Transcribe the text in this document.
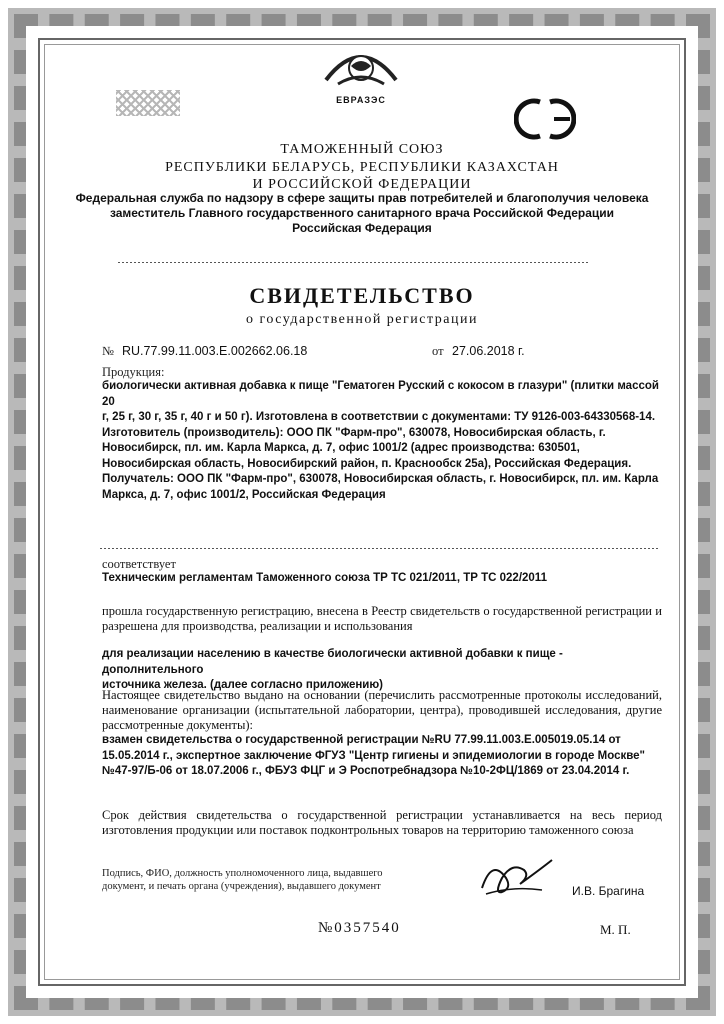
ЕВРАЗЭС
ТАМОЖЕННЫЙ СОЮЗ
РЕСПУБЛИКИ БЕЛАРУСЬ, РЕСПУБЛИКИ КАЗАХСТАН
И РОССИЙСКОЙ ФЕДЕРАЦИИ
Федеральная служба по надзору в сфере защиты прав потребителей и благополучия человека
заместитель Главного государственного санитарного врача Российской Федерации
Российская Федерация
СВИДЕТЕЛЬСТВО
о государственной регистрации
№ RU.77.99.11.003.Е.002662.06.18	от 27.06.2018 г.
Продукция:
биологически активная добавка к пище "Гематоген Русский с кокосом в глазури" (плитки массой 20
г, 25 г, 30 г, 35 г, 40 г и 50 г). Изготовлена в соответствии с документами: ТУ 9126-003-64330568-14.
Изготовитель (производитель): ООО ПК "Фарм-про", 630078, Новосибирская область, г.
Новосибирск, пл. им. Карла Маркса, д. 7, офис 1001/2 (адрес производства: 630501,
Новосибирская область, Новосибирский район, п. Краснообск 25а), Российская Федерация.
Получатель: ООО ПК "Фарм-про", 630078, Новосибирская область, г. Новосибирск, пл. им. Карла
Маркса, д. 7, офис 1001/2, Российская Федерация
соответствует
Техническим регламентам Таможенного союза ТР ТС 021/2011, ТР ТС 022/2011
прошла государственную регистрацию, внесена в Реестр свидетельств о государственной регистрации и разрешена для производства, реализации и использования
для реализации населению в качестве биологически активной добавки к пище - дополнительного
источника железа. (далее согласно приложению)
Настоящее свидетельство выдано на основании (перечислить рассмотренные протоколы исследований, наименование организации (испытательной лаборатории, центра), проводившей исследования, другие рассмотренные документы):
взамен свидетельства о государственной регистрации №RU 77.99.11.003.Е.005019.05.14 от
15.05.2014 г., экспертное заключение ФГУЗ "Центр гигиены и эпидемиологии в городе Москве"
№47-97/Б-06 от 18.07.2006 г., ФБУЗ ФЦГ и Э Роспотребнадзора №10-2ФЦ/1869 от 23.04.2014 г.
Срок действия свидетельства о государственной регистрации устанавливается на весь период изготовления продукции или поставок подконтрольных товаров на территорию таможенного союза
Подпись, ФИО, должность уполномоченного лица, выдавшего документ, и печать органа (учреждения), выдавшего документ	И.В. Брагина
№0357540	М. П.
